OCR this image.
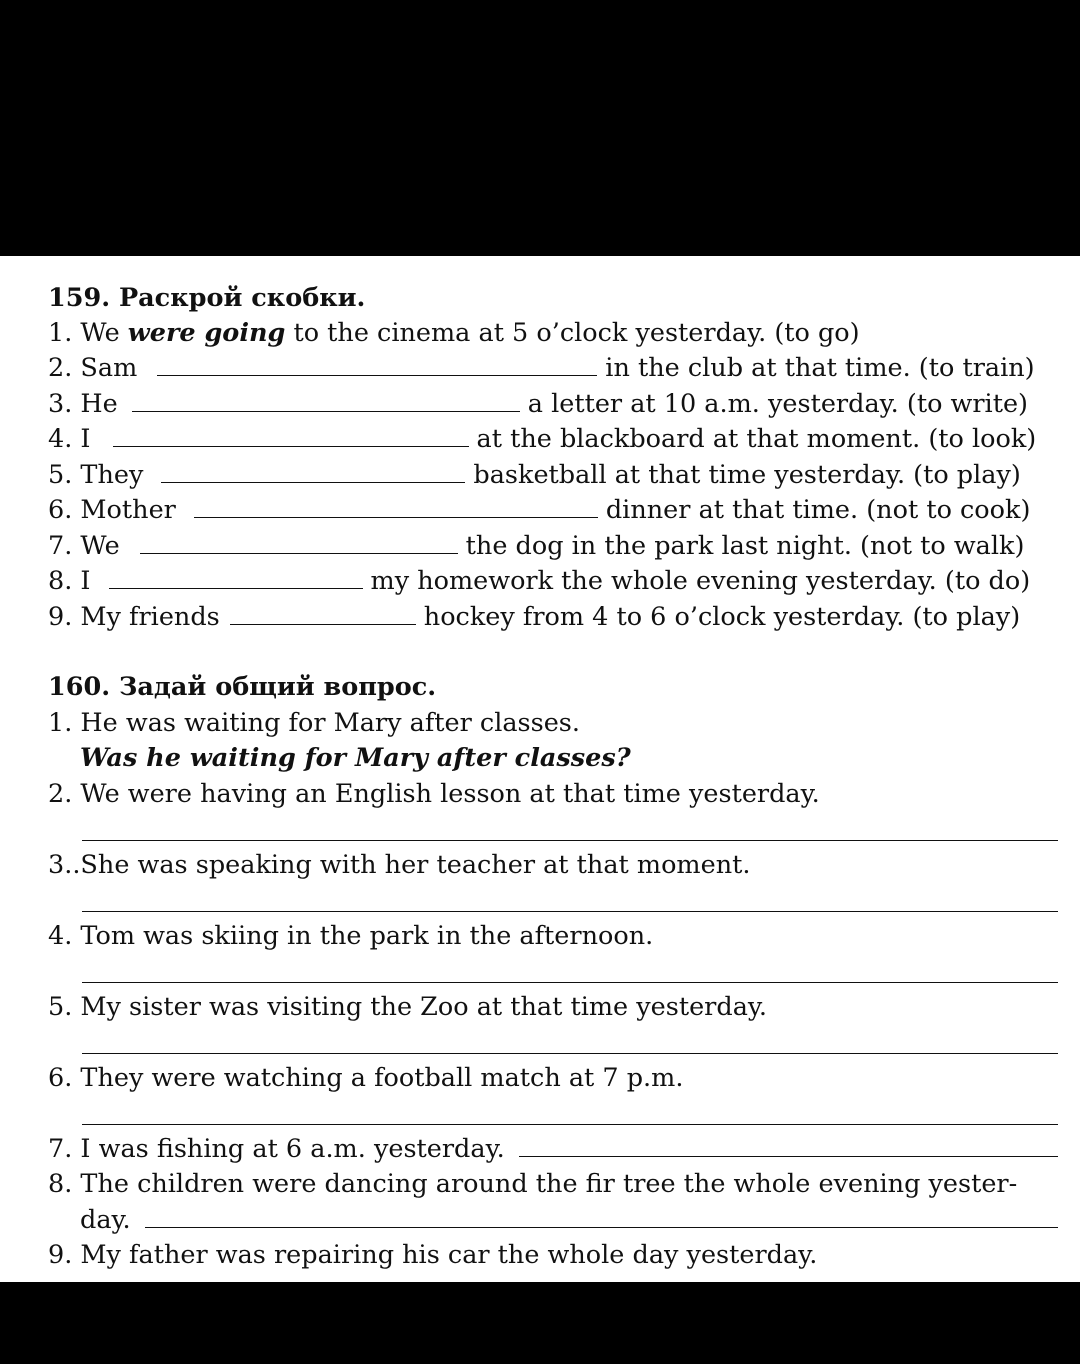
159. Раскрой скобки.
1. We were going to the cinema at 5 o’clock yesterday. (to go)
2. Sam	in the club at that time. (to train)
3. He	a letter at 10 a.m. yesterday. (to write)
4. I	at the blackboard at that moment. (to look)
5. They	basketball at that time yesterday. (to play)
6. Mother	dinner at that time. (not to cook)
7. We	the dog in the park last night. (not to walk)
8. I	my homework the whole evening yesterday. (to do)
9. My friends	hockey from 4 to 6 o’clock yesterday. (to play)
160. Задай общий вопрос.
1. He was waiting for Mary after classes.
Was he waiting for Mary after classes?
2. We were having an English lesson at that time yesterday.
3..She was speaking with her teacher at that moment.
4. Tom was skiing in the park in the afternoon.
5. My sister was visiting the Zoo at that time yesterday.
6. They were watching a football match at 7 p.m.
7. I was fishing at 6 a.m. yesterday.
8. The children were dancing around the fir tree the whole evening yester-
day.
9. My father was repairing his car the whole day yesterday.
